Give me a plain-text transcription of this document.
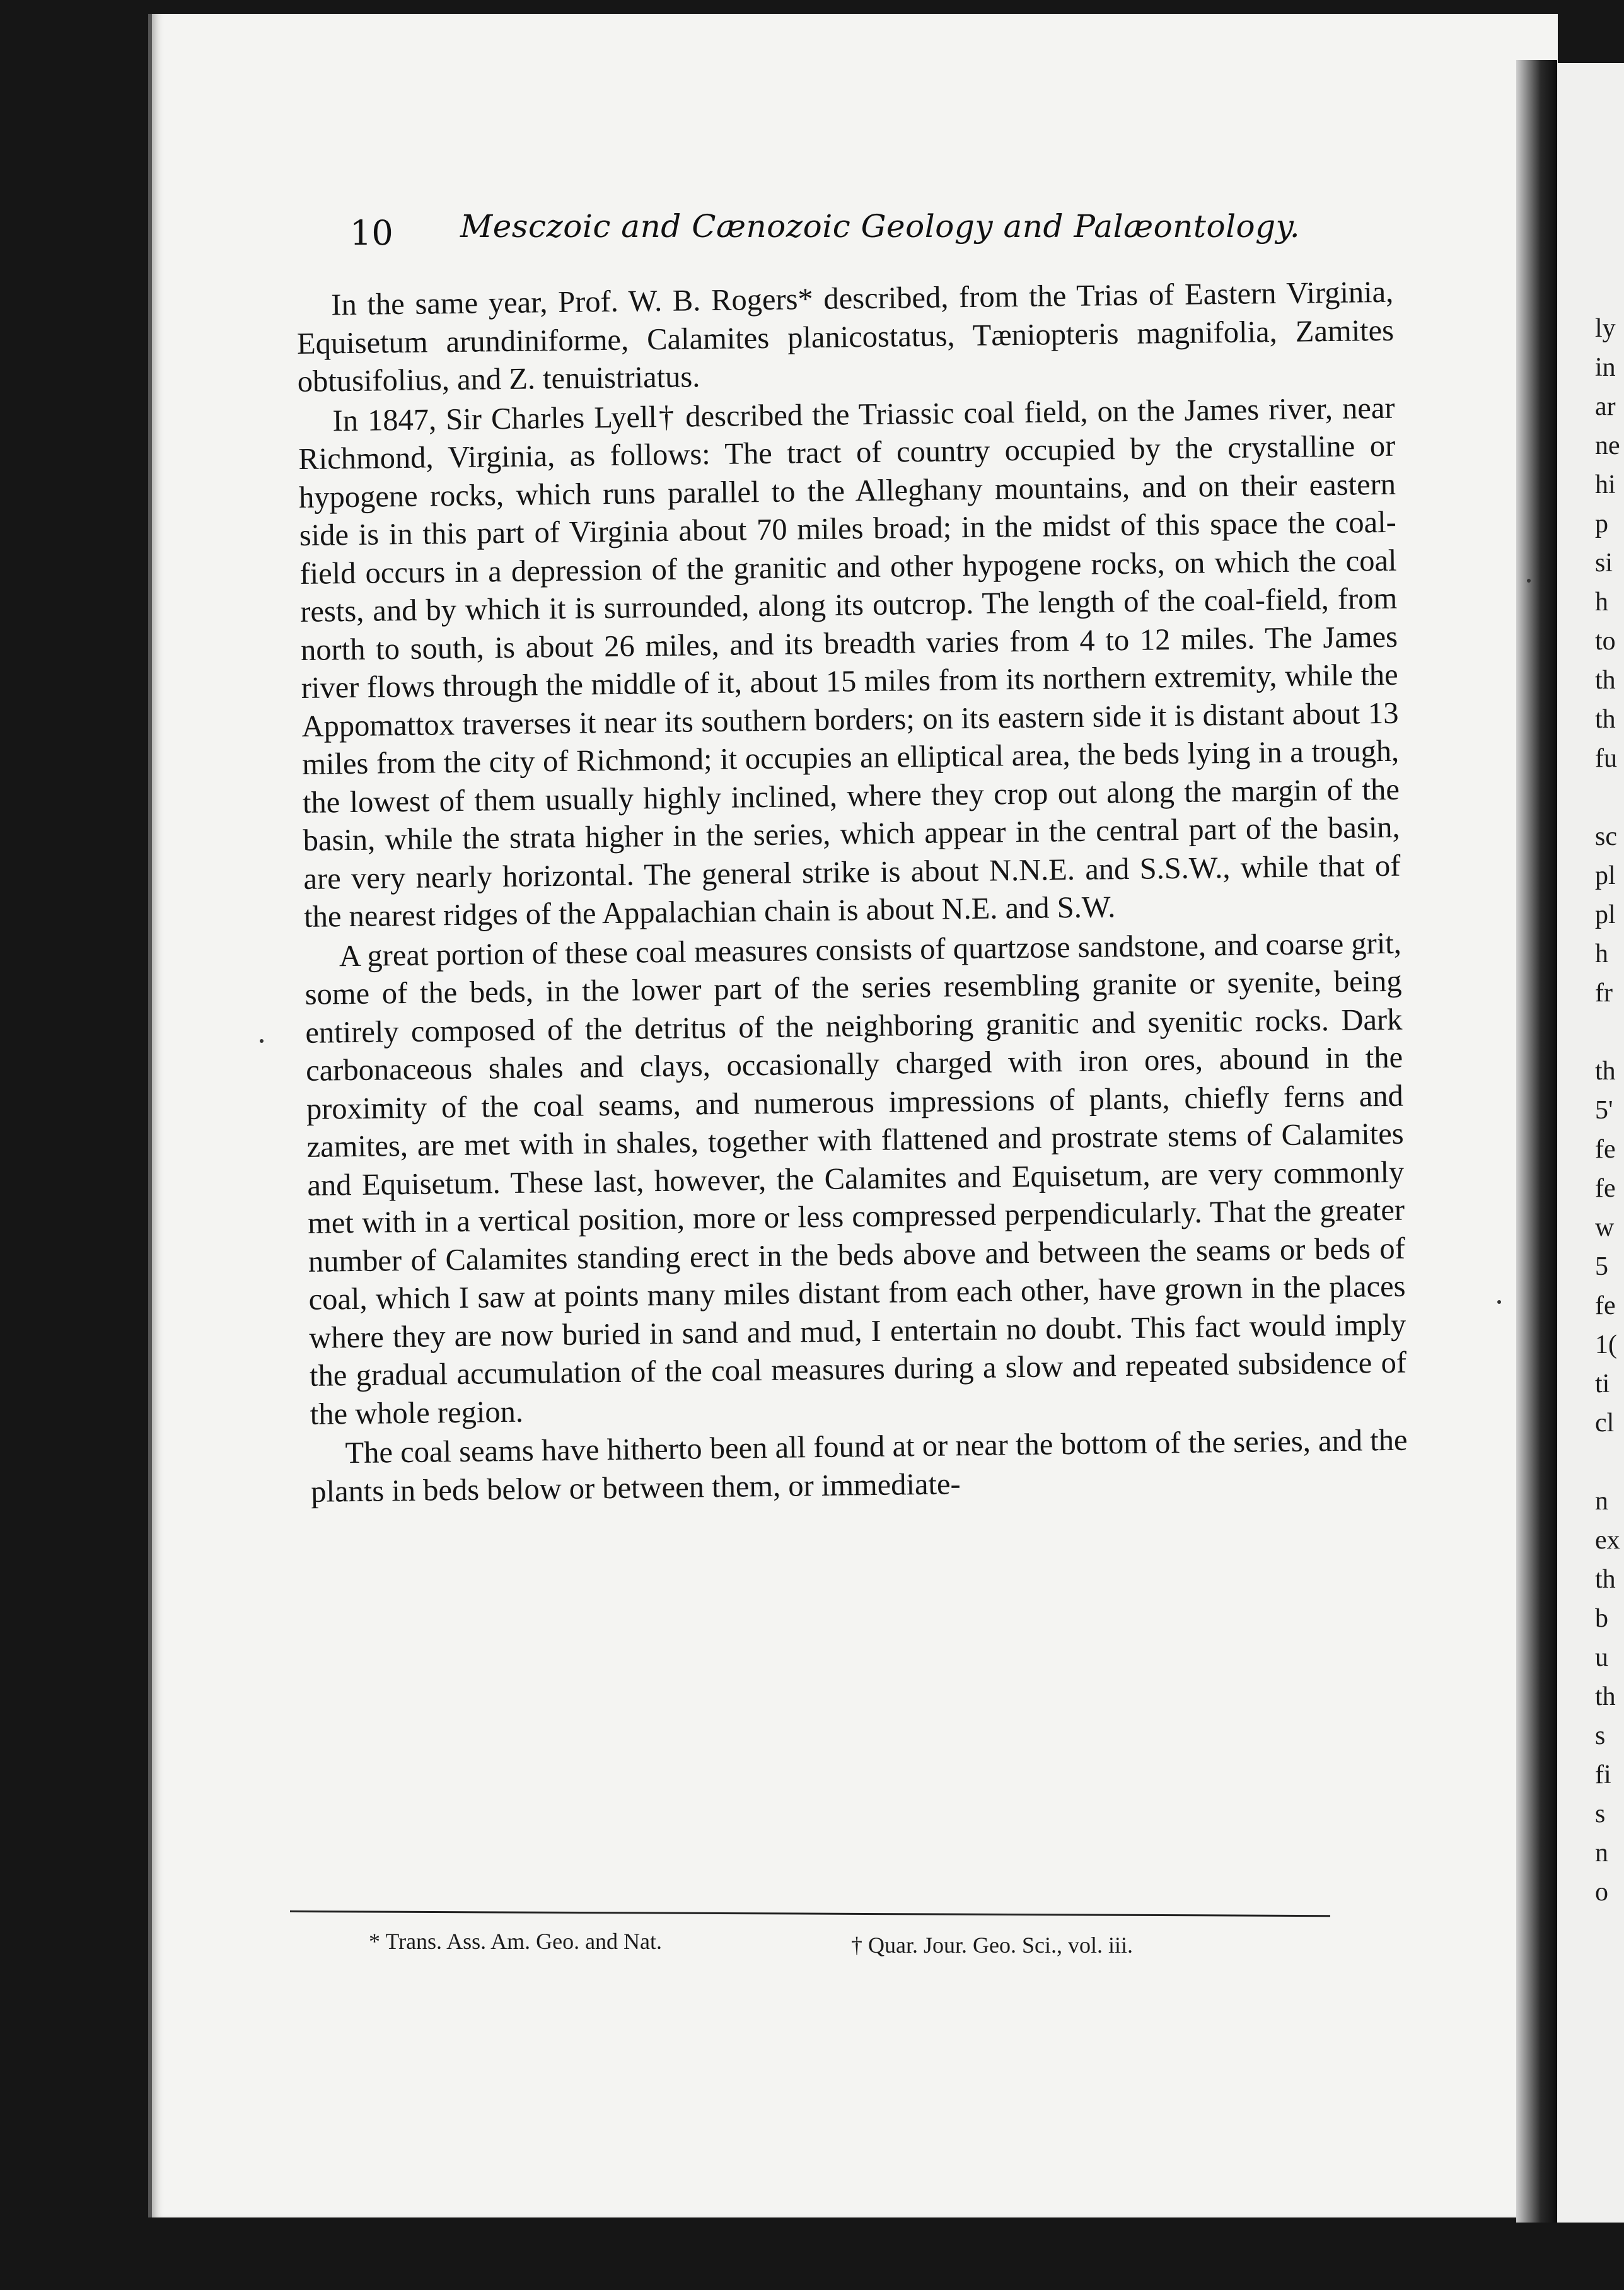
10 Mesczoic and Cænozoic Geology and Palæontology.

In the same year, Prof. W. B. Rogers* described, from the Trias of Eastern Virginia, Equisetum arundiniforme, Calamites planicostatus, Tæniopteris magnifolia, Zamites obtusifolius, and Z. tenuistriatus.

In 1847, Sir Charles Lyell† described the Triassic coal field, on the James river, near Richmond, Virginia, as follows: The tract of country occupied by the crystalline or hypogene rocks, which runs parallel to the Alleghany mountains, and on their eastern side is in this part of Virginia about 70 miles broad; in the midst of this space the coal-field occurs in a depression of the granitic and other hypogene rocks, on which the coal rests, and by which it is surrounded, along its outcrop. The length of the coal-field, from north to south, is about 26 miles, and its breadth varies from 4 to 12 miles. The James river flows through the middle of it, about 15 miles from its northern extremity, while the Appomattox traverses it near its southern borders; on its eastern side it is distant about 13 miles from the city of Richmond; it occupies an elliptical area, the beds lying in a trough, the lowest of them usually highly inclined, where they crop out along the margin of the basin, while the strata higher in the series, which appear in the central part of the basin, are very nearly horizontal. The general strike is about N.N.E. and S.S.W., while that of the nearest ridges of the Appalachian chain is about N.E. and S.W.

A great portion of these coal measures consists of quartzose sandstone, and coarse grit, some of the beds, in the lower part of the series resembling granite or syenite, being entirely composed of the detritus of the neighboring granitic and syenitic rocks. Dark carbonaceous shales and clays, occasionally charged with iron ores, abound in the proximity of the coal seams, and numerous impressions of plants, chiefly ferns and zamites, are met with in shales, together with flattened and prostrate stems of Calamites and Equisetum. These last, however, the Calamites and Equisetum, are very commonly met with in a vertical position, more or less compressed perpendicularly. That the greater number of Calamites standing erect in the beds above and between the seams or beds of coal, which I saw at points many miles distant from each other, have grown in the places where they are now buried in sand and mud, I entertain no doubt. This fact would imply the gradual accumulation of the coal measures during a slow and repeated subsidence of the whole region.

The coal seams have hitherto been all found at or near the bottom of the series, and the plants in beds below or between them, or immediate-

* Trans. Ass. Am. Geo. and Nat.	† Quar. Jour. Geo. Sci., vol. iii.
ly
in
ar
ne
hi
p
si
h
to
th
th
fu
sc
pl
pl
h
fr
th
5'
fe
fe
w
5
fe
1(
ti
cl
n
ex
th
b
u
th
s
fi
s
n
o
